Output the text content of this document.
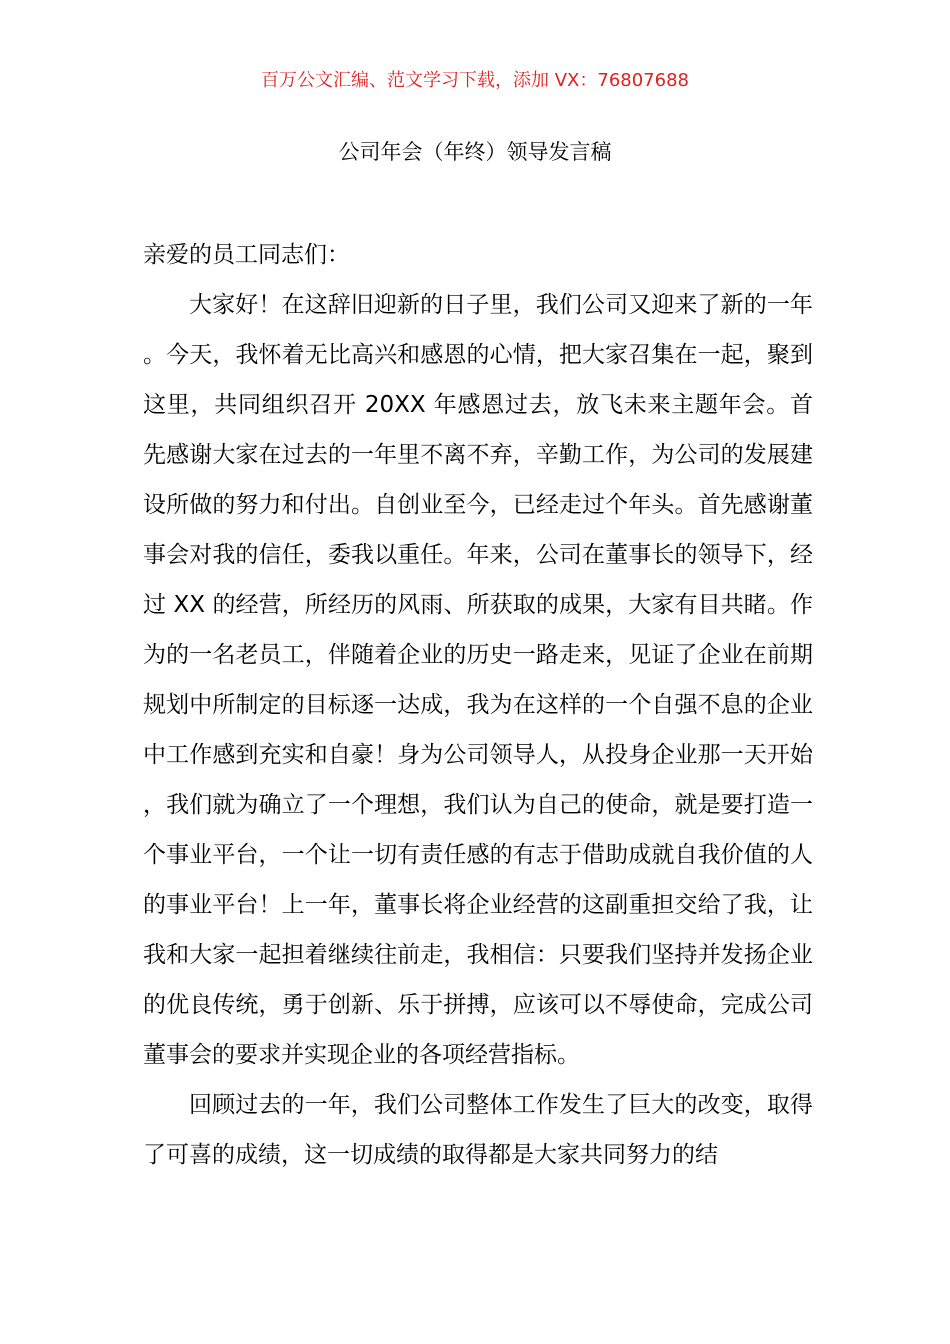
百万公文汇编、范文学习下载，添加 VX：76807688
公司年会（年终）领导发言稿

亲爱的员工同志们：

大家好！在这辞旧迎新的日子里，我们公司又迎来了新的一年。今天，我怀着无比高兴和感恩的心情，把大家召集在一起，聚到这里，共同组织召开 20XX 年感恩过去，放飞未来主题年会。首先感谢大家在过去的一年里不离不弃，辛勤工作，为公司的发展建设所做的努力和付出。自创业至今，已经走过个年头。首先感谢董事会对我的信任，委我以重任。年来，公司在董事长的领导下，经过 XX 的经营，所经历的风雨、所获取的成果，大家有目共睹。作为的一名老员工，伴随着企业的历史一路走来，见证了企业在前期规划中所制定的目标逐一达成，我为在这样的一个自强不息的企业中工作感到充实和自豪！身为公司领导人，从投身企业那一天开始，我们就为确立了一个理想，我们认为自己的使命，就是要打造一个事业平台，一个让一切有责任感的有志于借助成就自我价值的人的事业平台！上一年，董事长将企业经营的这副重担交给了我，让我和大家一起担着继续往前走，我相信：只要我们坚持并发扬企业的优良传统，勇于创新、乐于拼搏，应该可以不辱使命，完成公司董事会的要求并实现企业的各项经营指标。

回顾过去的一年，我们公司整体工作发生了巨大的改变，取得了可喜的成绩，这一切成绩的取得都是大家共同努力的结
